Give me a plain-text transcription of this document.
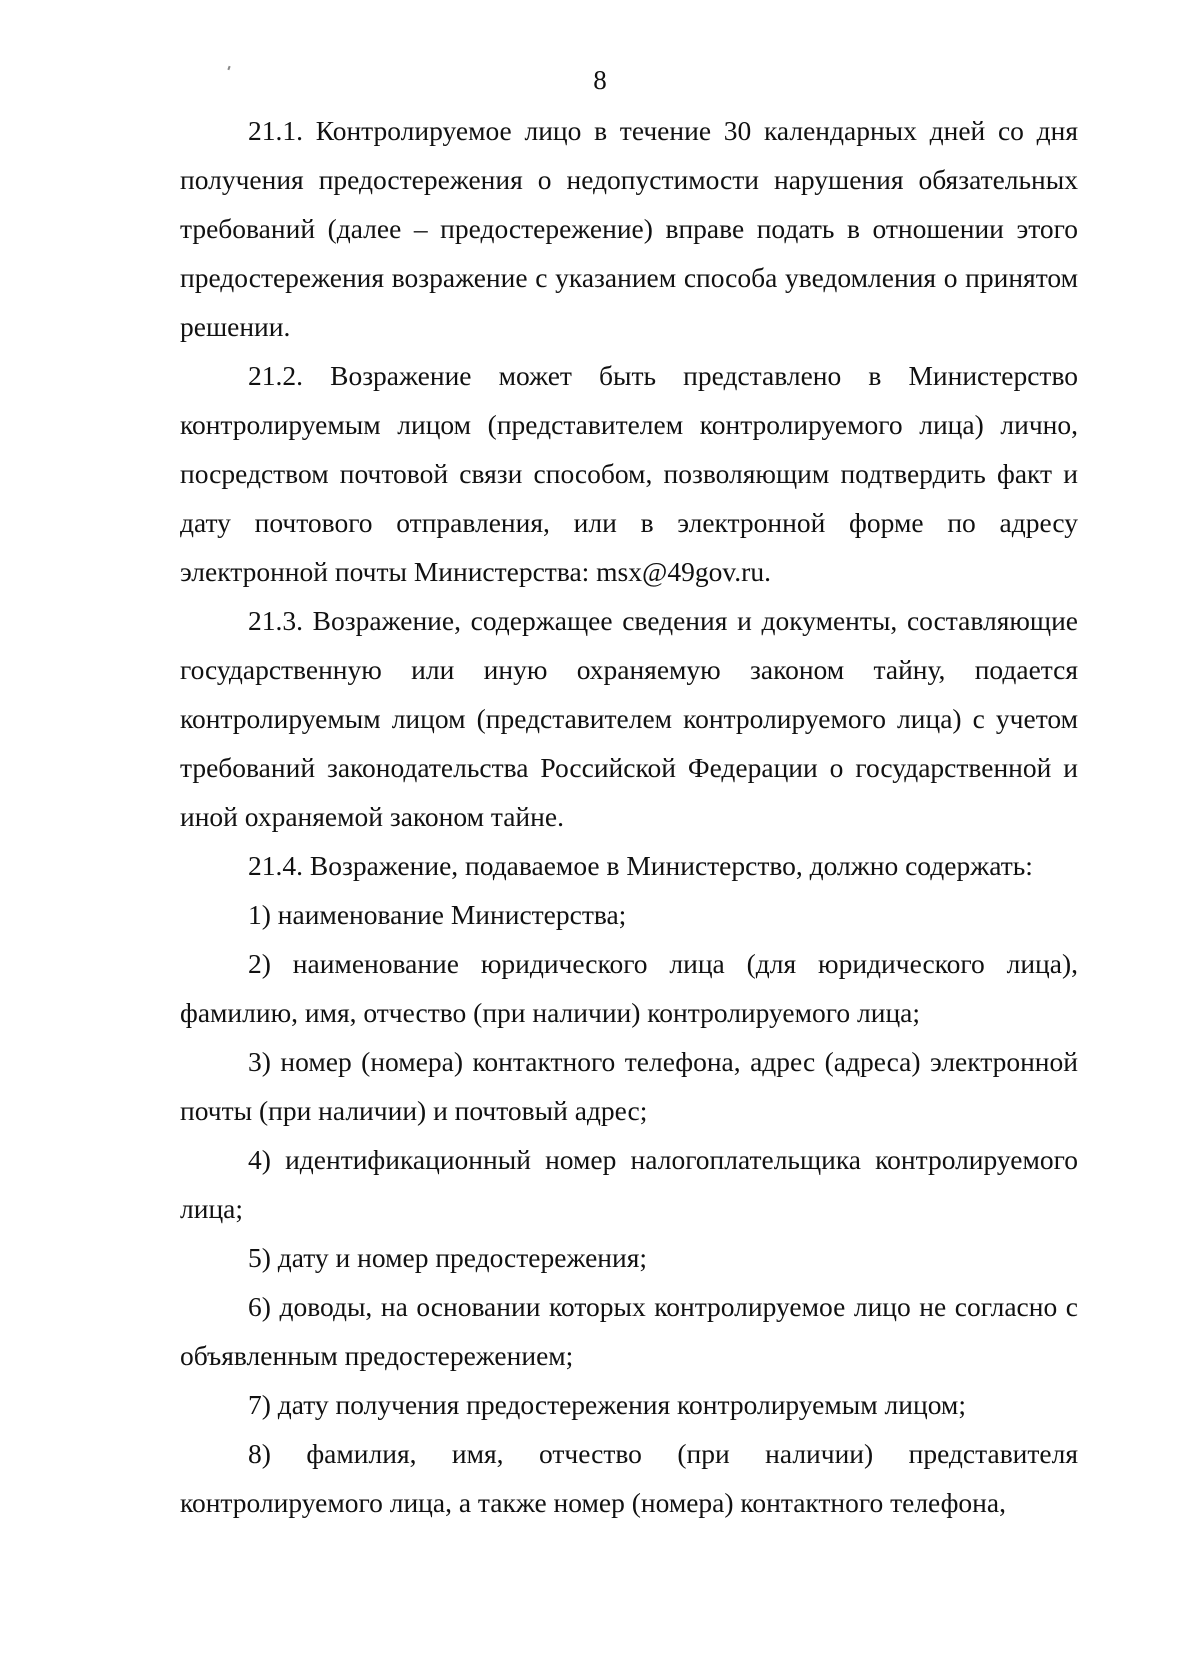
8

21.1. Контролируемое лицо в течение 30 календарных дней со дня получения предостережения о недопустимости нарушения обязательных требований (далее – предостережение) вправе подать в отношении этого предостережения возражение с указанием способа уведомления о принятом решении.

21.2. Возражение может быть представлено в Министерство контролируемым лицом (представителем контролируемого лица) лично, посредством почтовой связи способом, позволяющим подтвердить факт и дату почтового отправления, или в электронной форме по адресу электронной почты Министерства: msx@49gov.ru.

21.3. Возражение, содержащее сведения и документы, составляющие государственную или иную охраняемую законом тайну, подается контролируемым лицом (представителем контролируемого лица) с учетом требований законодательства Российской Федерации о государственной и иной охраняемой законом тайне.

21.4. Возражение, подаваемое в Министерство, должно содержать:

1) наименование Министерства;

2) наименование юридического лица (для юридического лица), фамилию, имя, отчество (при наличии) контролируемого лица;

3) номер (номера) контактного телефона, адрес (адреса) электронной почты (при наличии) и почтовый адрес;

4) идентификационный номер налогоплательщика контролируемого лица;

5) дату и номер предостережения;

6) доводы, на основании которых контролируемое лицо не согласно с объявленным предостережением;

7) дату получения предостережения контролируемым лицом;

8) фамилия, имя, отчество (при наличии) представителя контролируемого лица, а также номер (номера) контактного телефона,
